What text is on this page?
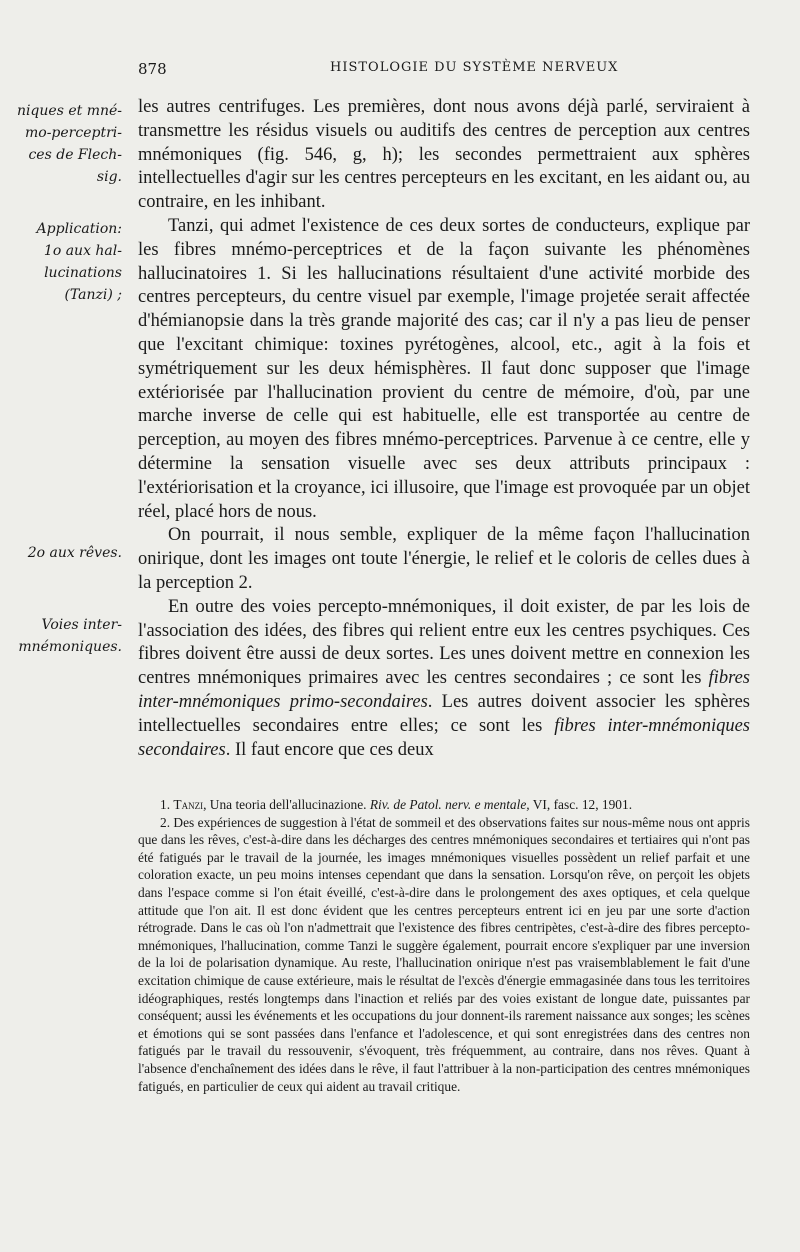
878	HISTOLOGIE DU SYSTÈME NERVEUX
niques et mné-
mo-perceptri-
ces de Flech-
sig.
Application:
1o aux hal-
lucinations
(Tanzi) ;
2o aux rêves.
Voies inter-
mnémoniques.

les autres centrifuges. Les premières, dont nous avons déjà parlé, serviraient à transmettre les résidus visuels ou auditifs des centres de perception aux centres mnémoniques (fig. 546, g, h); les secondes permettraient aux sphères intellectuelles d'agir sur les centres percepteurs en les excitant, en les aidant ou, au contraire, en les inhibant.

Tanzi, qui admet l'existence de ces deux sortes de conducteurs, explique par les fibres mnémo-perceptrices et de la façon suivante les phénomènes hallucinatoires 1. Si les hallucinations résultaient d'une activité morbide des centres percepteurs, du centre visuel par exemple, l'image projetée serait affectée d'hémianopsie dans la très grande majorité des cas; car il n'y a pas lieu de penser que l'excitant chimique: toxines pyrétogènes, alcool, etc., agit à la fois et symétriquement sur les deux hémisphères. Il faut donc supposer que l'image extériorisée par l'hallucination provient du centre de mémoire, d'où, par une marche inverse de celle qui est habituelle, elle est transportée au centre de perception, au moyen des fibres mnémo-perceptrices. Parvenue à ce centre, elle y détermine la sensation visuelle avec ses deux attributs principaux : l'extériorisation et la croyance, ici illusoire, que l'image est provoquée par un objet réel, placé hors de nous.

On pourrait, il nous semble, expliquer de la même façon l'hallucination onirique, dont les images ont toute l'énergie, le relief et le coloris de celles dues à la perception 2.

En outre des voies percepto-mnémoniques, il doit exister, de par les lois de l'association des idées, des fibres qui relient entre eux les centres psychiques. Ces fibres doivent être aussi de deux sortes. Les unes doivent mettre en connexion les centres mnémoniques primaires avec les centres secondaires ; ce sont les fibres inter-mnémoniques primo-secondaires. Les autres doivent associer les sphères intellectuelles secondaires entre elles; ce sont les fibres inter-mnémoniques secondaires. Il faut encore que ces deux

1. Tanzi, Una teoria dell'allucinazione. Riv. de Patol. nerv. e mentale, VI, fasc. 12, 1901.

2. Des expériences de suggestion à l'état de sommeil et des observations faites sur nous-même nous ont appris que dans les rêves, c'est-à-dire dans les décharges des centres mnémoniques secondaires et tertiaires qui n'ont pas été fatigués par le travail de la journée, les images mnémoniques visuelles possèdent un relief parfait et une coloration exacte, un peu moins intenses cependant que dans la sensation. Lorsqu'on rêve, on perçoit les objets dans l'espace comme si l'on était éveillé, c'est-à-dire dans le prolongement des axes optiques, et cela quelque attitude que l'on ait. Il est donc évident que les centres percepteurs entrent ici en jeu par une sorte d'action rétrograde. Dans le cas où l'on n'admettrait que l'existence des fibres centripètes, c'est-à-dire des fibres percepto-mnémoniques, l'hallucination, comme Tanzi le suggère également, pourrait encore s'expliquer par une inversion de la loi de polarisation dynamique. Au reste, l'hallucination onirique n'est pas vraisemblablement le fait d'une excitation chimique de cause extérieure, mais le résultat de l'excès d'énergie emmagasinée dans tous les territoires idéographiques, restés longtemps dans l'inaction et reliés par des voies existant de longue date, puissantes par conséquent; aussi les événements et les occupations du jour donnent-ils rarement naissance aux songes; les scènes et émotions qui se sont passées dans l'enfance et l'adolescence, et qui sont enregistrées dans des centres non fatigués par le travail du ressouvenir, s'évoquent, très fréquemment, au contraire, dans nos rêves. Quant à l'absence d'enchaînement des idées dans le rêve, il faut l'attribuer à la non-participation des centres mnémoniques fatigués, en particulier de ceux qui aident au travail critique.
